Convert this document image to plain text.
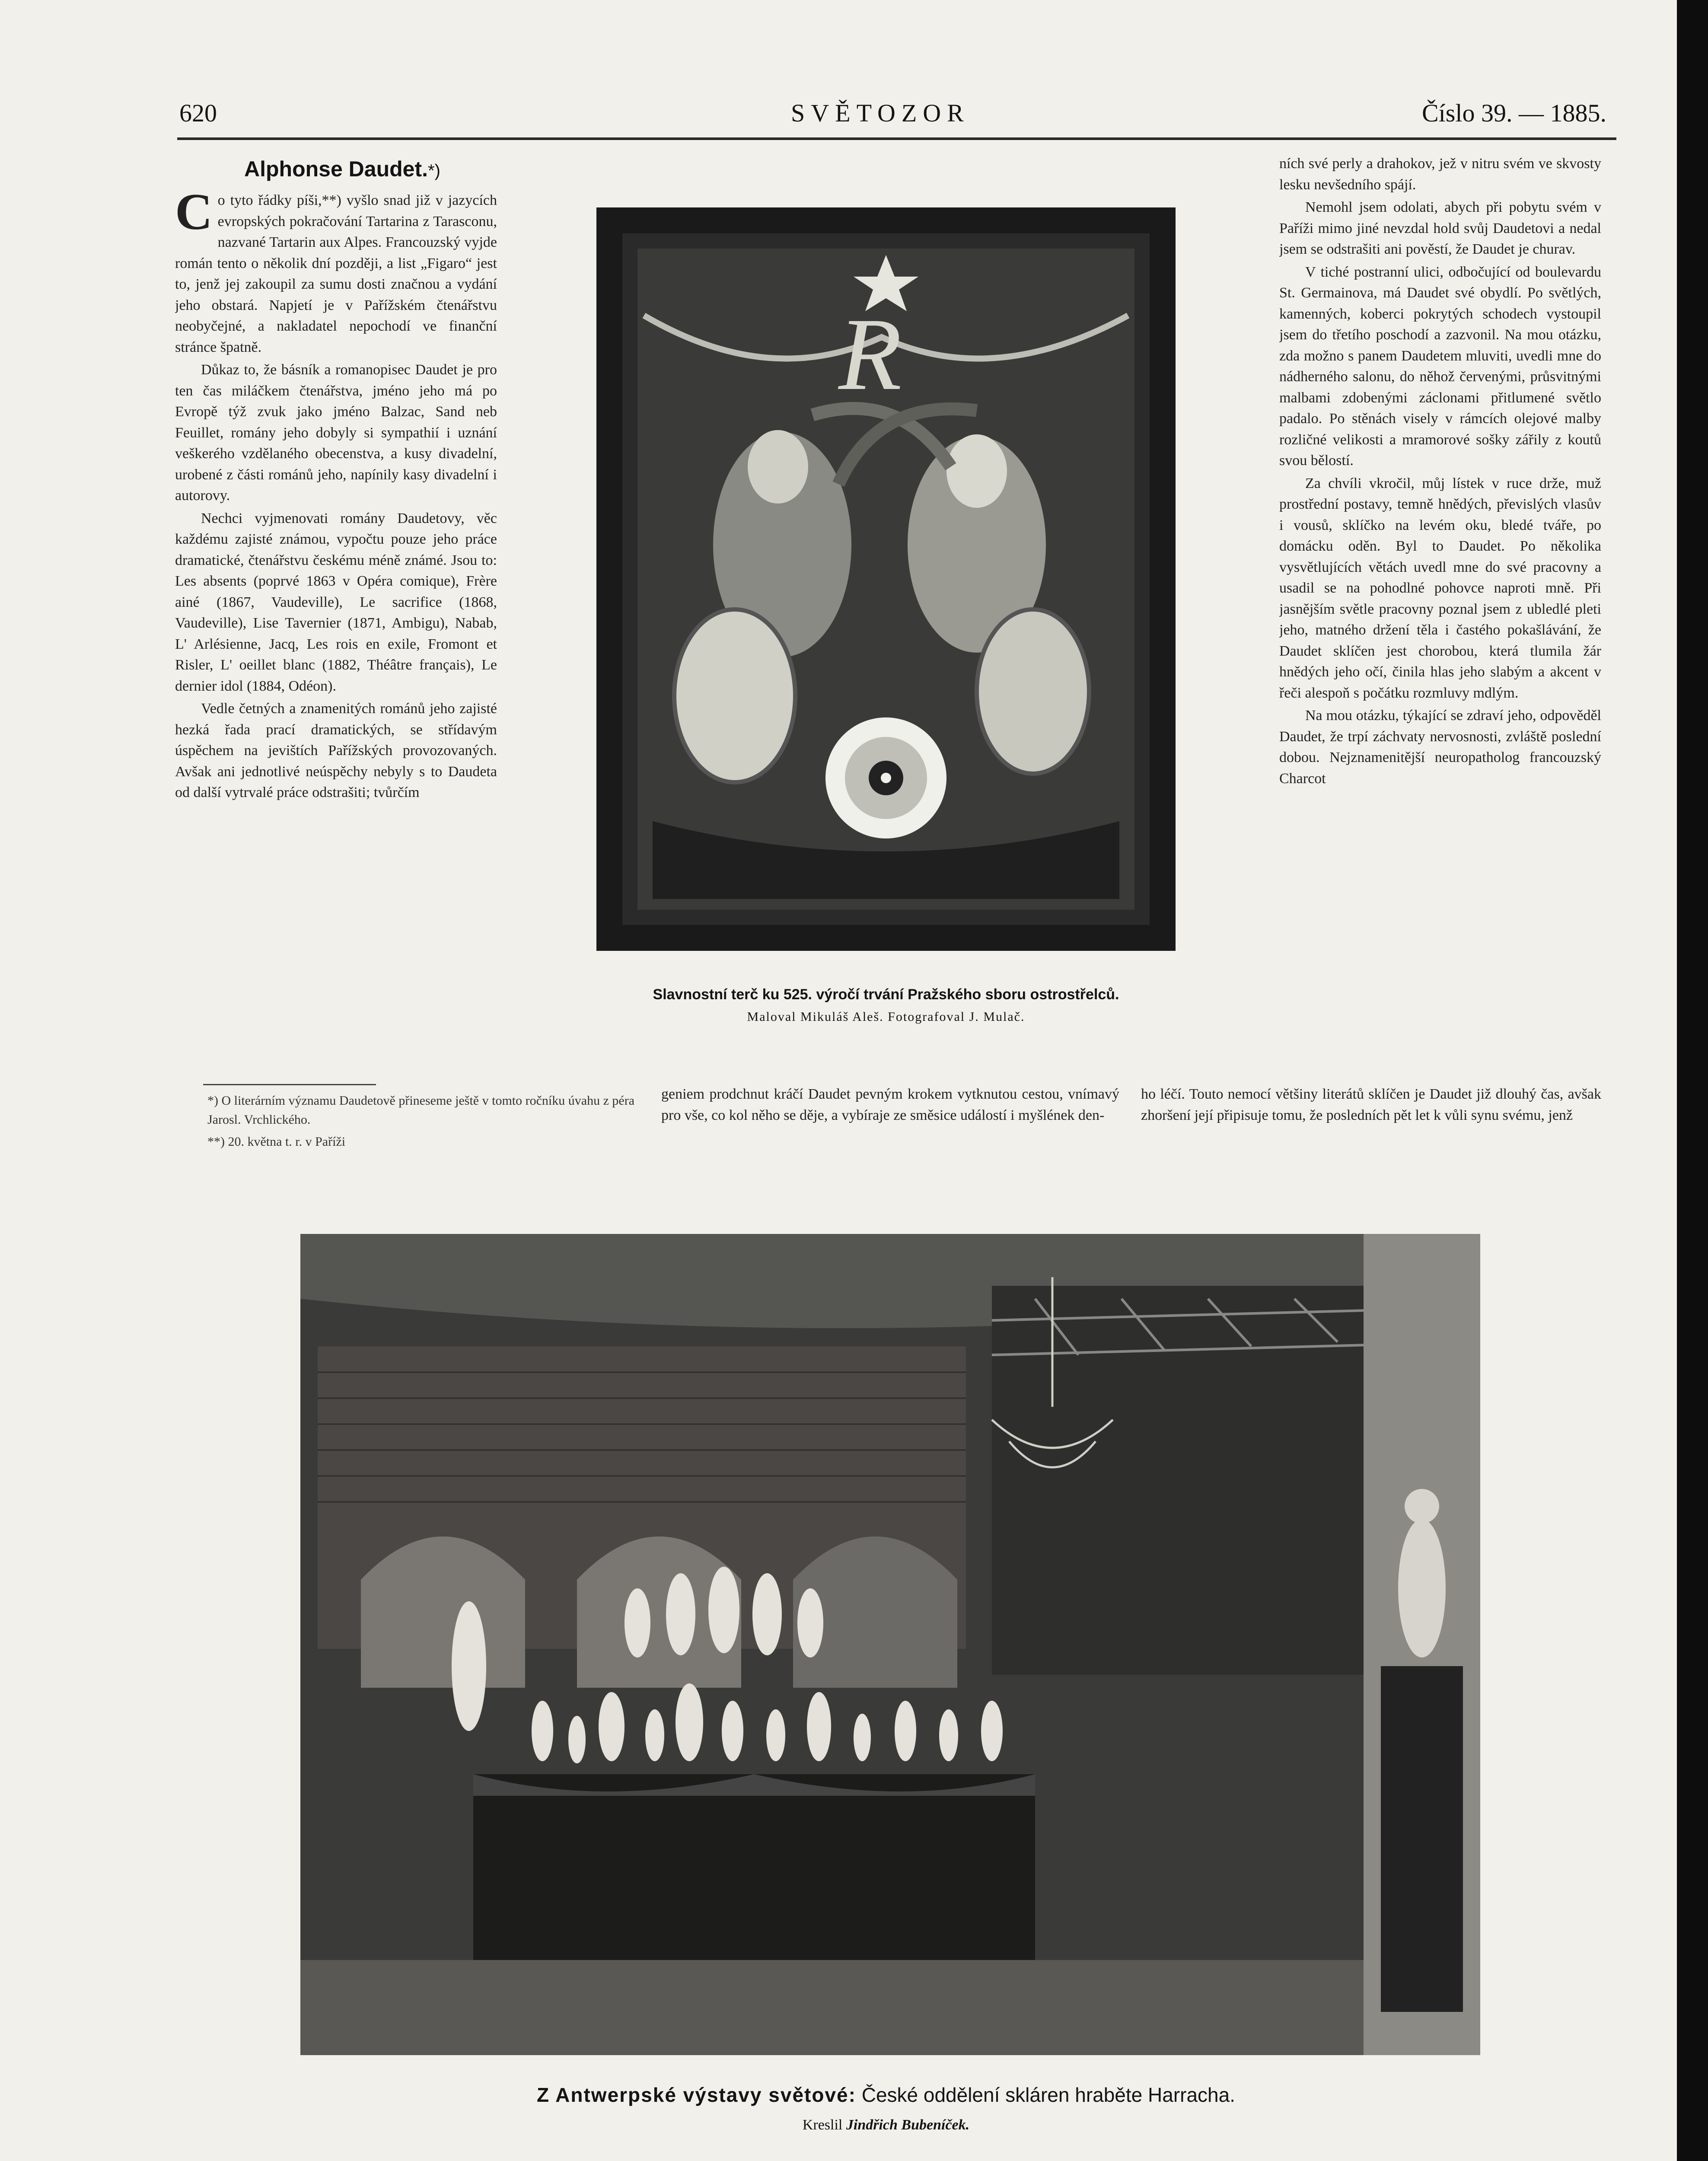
620	SVĚTOZOR	Číslo 39. — 1885.
Alphonse Daudet.*)

Co tyto řádky píši,**) vyšlo snad již v jazycích evropských pokračování Tartarina z Tarasconu, nazvané Tartarin aux Alpes. Francouzský vyjde román tento o několik dní později, a list „Figaro“ jest to, jenž jej zakoupil za sumu dosti značnou a vydání jeho obstará. Napjetí je v Pařížském čtenářstvu neobyčejné, a nakladatel nepochodí ve finanční stránce špatně.

Důkaz to, že básník a romanopisec Daudet je pro ten čas miláčkem čtenářstva, jméno jeho má po Evropě týž zvuk jako jméno Balzac, Sand neb Feuillet, romány jeho dobyly si sympathií i uznání veškerého vzdělaného obecenstva, a kusy divadelní, urobené z části románů jeho, napínily kasy divadelní i autorovy.

Nechci vyjmenovati romány Daudetovy, věc každému zajisté známou, vypočtu pouze jeho práce dramatické, čtenářstvu českému méně známé. Jsou to: Les absents (poprvé 1863 v Opéra comique), Frère ainé (1867, Vaudeville), Le sacrifice (1868, Vaudeville), Lise Tavernier (1871, Ambigu), Nabab, L' Arlésienne, Jacq, Les rois en exile, Fromont et Risler, L' oeillet blanc (1882, Théâtre français), Le dernier idol (1884, Odéon).

Vedle četných a znamenitých románů jeho zajisté hezká řada prací dramatických, se střídavým úspěchem na jevištích Pařížských provozovaných. Avšak ani jednotlivé neúspěchy nebyly s to Daudeta od další vytrvalé práce odstrašiti; tvůrčím

*) O literárním významu Daudetově přineseme ještě v tomto ročníku úvahu z péra Jarosl. Vrchlického.
**) 20. května t. r. v Paříži
R
Slavnostní terč ku 525. výročí trvání Pražského sboru ostrostřelců.
Maloval Mikuláš Aleš. Fotografoval J. Mulač.

geniem prodchnut kráčí Daudet pevným krokem vytknutou cestou, vnímavý pro vše, co kol něho se děje, a vybíraje ze směsice událostí i myšlének den-

ních své perly a drahokov, jež v nitru svém ve skvosty lesku nevšedního spájí.

Nemohl jsem odolati, abych při pobytu svém v Paříži mimo jiné nevzdal hold svůj Daudetovi a nedal jsem se odstrašiti ani pověstí, že Daudet je churav.

V tiché postranní ulici, odbočující od boulevardu St. Germainova, má Daudet své obydlí. Po světlých, kamenných, koberci pokrytých schodech vystoupil jsem do třetího poschodí a zazvonil. Na mou otázku, zda možno s panem Daudetem mluviti, uvedli mne do nádherného salonu, do něhož červenými, průsvitnými malbami zdobenými záclonami přitlumené světlo padalo. Po stěnách visely v rámcích olejové malby rozličné velikosti a mramorové sošky zářily z koutů svou bělostí.

Za chvíli vkročil, můj lístek v ruce drže, muž prostřední postavy, temně hnědých, převislých vlasův i vousů, sklíčko na levém oku, bledé tváře, po domácku oděn. Byl to Daudet. Po několika vysvětlujících větách uvedl mne do své pracovny a usadil se na pohodlné pohovce naproti mně. Při jasnějším světle pracovny poznal jsem z ubledlé pleti jeho, matného držení těla i častého pokašlávání, že Daudet sklíčen jest chorobou, která tlumila žár hnědých jeho očí, činila hlas jeho slabým a akcent v řeči alespoň s počátku rozmluvy mdlým.

Na mou otázku, týkající se zdraví jeho, odpověděl Daudet, že trpí záchvaty nervosnosti, zvláště poslední dobou. Nejznamenitější neuropatholog francouzský Charcot

ho léčí. Touto nemocí většiny literátů sklíčen je Daudet již dlouhý čas, avšak zhoršení její připisuje tomu, že posledních pět let k vůli synu svému, jenž

Z Antwerpské výstavy světové: České oddělení skláren hraběte Harracha.
Kreslil Jindřich Bubeníček.
